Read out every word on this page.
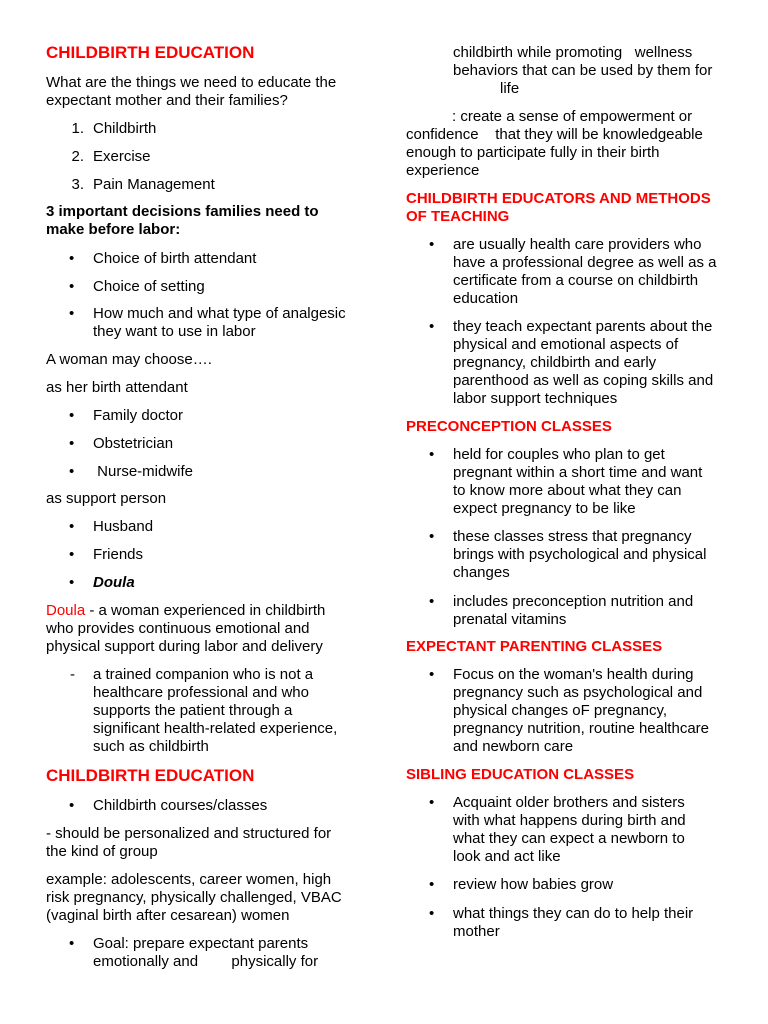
CHILDBIRTH EDUCATION
What are the things we need to educate the expectant mother and their families?
1. Childbirth
2. Exercise
3. Pain Management
3 important decisions families need to make before labor:
• Choice of birth attendant
• Choice of setting
• How much and what type of analgesic they want to use in labor
A woman may choose….
as her birth attendant
• Family doctor
• Obstetrician
• Nurse-midwife
as support person
• Husband
• Friends
• Doula
Doula - a woman experienced in childbirth who provides continuous emotional and physical support during labor and delivery
- a trained companion who is not a healthcare professional and who supports the patient through a significant health-related experience, such as childbirth
CHILDBIRTH EDUCATION
• Childbirth courses/classes
- should be personalized and structured for the kind of group
example: adolescents, career women, high risk pregnancy, physically challenged, VBAC (vaginal birth after cesarean) women
• Goal: prepare expectant parents emotionally and        physically for
childbirth while promoting   wellness behaviors that can be used by them for
life
: create a sense of empowerment or confidence    that they will be knowledgeable enough to participate fully in their birth experience
CHILDBIRTH EDUCATORS AND METHODS OF TEACHING
• are usually health care providers who have a professional degree as well as a certificate from a course on childbirth education
• they teach expectant parents about the physical and emotional aspects of pregnancy, childbirth and early parenthood as well as coping skills and labor support techniques
PRECONCEPTION CLASSES
• held for couples who plan to get pregnant within a short time and want to know more about what they can expect pregnancy to be like
• these classes stress that pregnancy brings with psychological and physical changes
• includes preconception nutrition and prenatal vitamins
EXPECTANT PARENTING CLASSES
• Focus on the woman's health during pregnancy such as psychological and physical changes oF pregnancy, pregnancy nutrition, routine healthcare and newborn care
SIBLING EDUCATION CLASSES
• Acquaint older brothers and sisters with what happens during birth and what they can expect a newborn to look and act like
• review how babies grow
• what things they can do to help their mother
